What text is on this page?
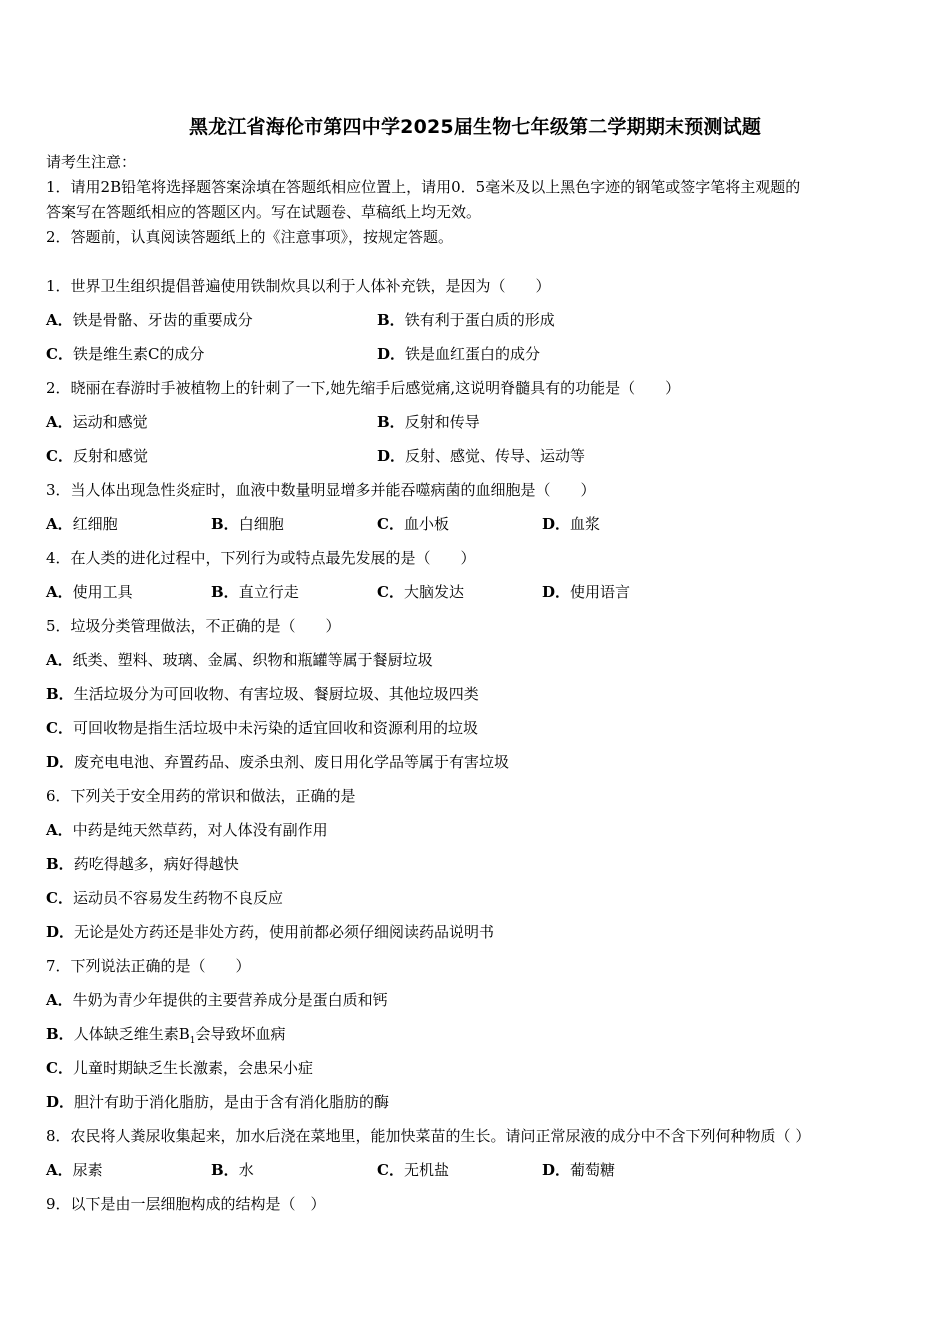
黑龙江省海伦市第四中学2025届生物七年级第二学期期末预测试题
请考生注意：
1．请用2B铅笔将选择题答案涂填在答题纸相应位置上，请用0．5毫米及以上黑色字迹的钢笔或签字笔将主观题的
答案写在答题纸相应的答题区内。写在试题卷、草稿纸上均无效。
2．答题前，认真阅读答题纸上的《注意事项》，按规定答题。
1．世界卫生组织提倡普遍使用铁制炊具以利于人体补充铁，是因为（　　）
A．铁是骨骼、牙齿的重要成分	B．铁有利于蛋白质的形成
C．铁是维生素C的成分	D．铁是血红蛋白的成分
2．晓丽在春游时手被植物上的针刺了一下,她先缩手后感觉痛,这说明脊髓具有的功能是（　　）
A．运动和感觉	B．反射和传导
C．反射和感觉	D．反射、感觉、传导、运动等
3．当人体出现急性炎症时，血液中数量明显增多并能吞噬病菌的血细胞是（　　）
A．红细胞	B．白细胞	C．血小板	D．血浆
4．在人类的进化过程中，下列行为或特点最先发展的是（　　）
A．使用工具	B．直立行走	C．大脑发达	D．使用语言
5．垃圾分类管理做法，不正确的是（　　）
A．纸类、塑料、玻璃、金属、织物和瓶罐等属于餐厨垃圾
B．生活垃圾分为可回收物、有害垃圾、餐厨垃圾、其他垃圾四类
C．可回收物是指生活垃圾中未污染的适宜回收和资源利用的垃圾
D．废充电电池、弃置药品、废杀虫剂、废日用化学品等属于有害垃圾
6．下列关于安全用药的常识和做法，正确的是
A．中药是纯天然草药，对人体没有副作用
B．药吃得越多，病好得越快
C．运动员不容易发生药物不良反应
D．无论是处方药还是非处方药，使用前都必须仔细阅读药品说明书
7．下列说法正确的是（　　）
A．牛奶为青少年提供的主要营养成分是蛋白质和钙
B．人体缺乏维生素$B_1$会导致坏血病
C．儿童时期缺乏生长激素，会患呆小症
D．胆汁有助于消化脂肪，是由于含有消化脂肪的酶
8．农民将人粪尿收集起来，加水后浇在菜地里，能加快菜苗的生长。请问正常尿液的成分中不含下列何种物质（ ）
A．尿素	B．水	C．无机盐	D．葡萄糖
9．以下是由一层细胞构成的结构是（　）
